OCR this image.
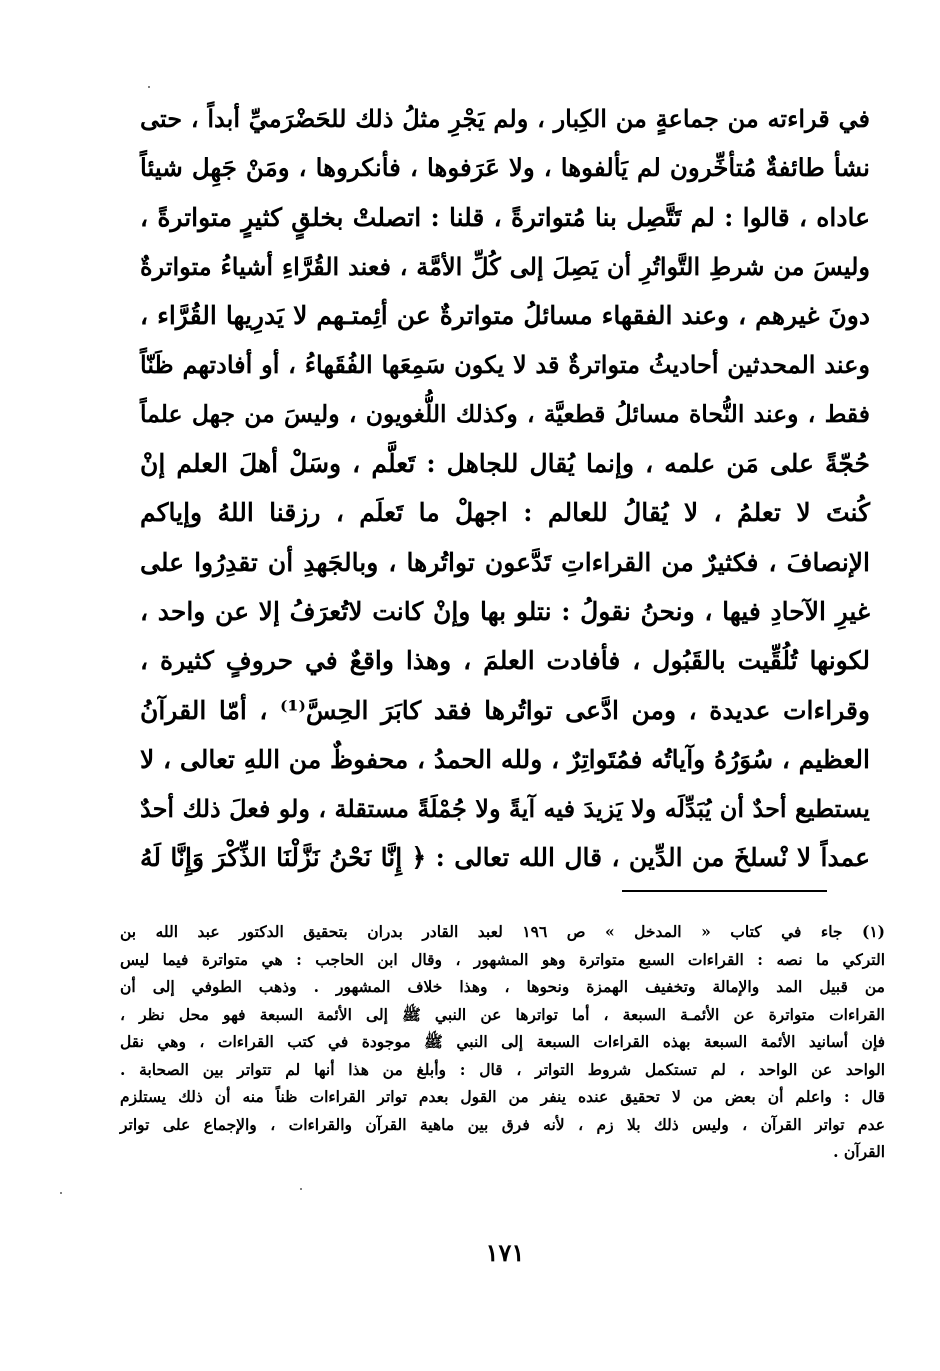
في قراءته من جماعةٍ من الكِبار ، ولم يَجْرِ مثلُ ذلك للحَضْرَميِّ أبداً ، حتى
نشأ طائفةٌ مُتأخِّرون لم يَألفوها ، ولا عَرَفوها ، فأنكروها ، ومَنْ جَهِل شيئاً
عاداه ، قالوا : لم تَتَّصِل بنا مُتواترةً ، قلنا : اتصلتْ بخلقٍ كثيرٍ متواترةً ،
وليسَ من شرطِ التَّواتُرِ أن يَصِلَ إلى كُلِّ الأمَّة ، فعند القُرَّاءِ أشياءُ متواترةٌ
دونَ غيرهم ، وعند الفقهاء مسائلُ متواترةٌ عن أئِمتـهم لا يَدرِيها القُرَّاء ،
وعند المحدثين أحاديثُ متواترةٌ قد لا يكون سَمِعَها الفُقَهاءُ ، أو أفادتهم ظَنّاً
فقط ، وعند النُّحاة مسائلُ قطعيَّة ، وكذلك اللُّغويون ، وليسَ من جهل علماً
حُجّةً على مَن علمه ، وإنما يُقال للجاهل : تَعلَّم ، وسَلْ أهلَ العلم إنْ
كُنتَ لا تعلمُ ، لا يُقالُ للعالم : اجهلْ ما تَعلَم ، رزقنا اللهُ وإياكم
الإنصافَ ، فكثيرٌ من القراءاتِ تَدَّعون تواتُرها ، وبالجَهدِ أن تقدِرُوا على
غيرِ الآحادِ فيها ، ونحنُ نقولُ : نتلو بها وإنْ كانت لاتُعرَفُ إلا عن واحد ،
لكونها تُلُقِّيت بالقَبُول ، فأفادت العلمَ ، وهذا واقعٌ في حروفٍ كثيرة ،
وقراءات عديدة ، ومن ادَّعى تواتُرها فقد كابَرَ الحِسَّ⁽¹⁾ ، أمّا القرآنُ
العظيم ، سُوَرُهُ وآياتُه فمُتَواتِرٌ ، ولله الحمدُ ، محفوظٌ من اللهِ تعالى ، لا
يستطيع أحدٌ أن يُبَدِّلَه ولا يَزيدَ فيه آيةً ولا جُمْلَةً مستقلة ، ولو فعلَ ذلك أحدٌ
عمداً لا نْسلخَ من الدِّين ، قال الله تعالى : ﴿ إِنَّا نَحْنُ نَزَّلْنَا الذِّكْرَ وَإِنَّا لَهُ
(١) جاء في كتاب « المدخل » ص ١٩٦ لعبد القادر بدران بتحقيق الدكتور عبد الله بن
التركي ما نصه : القراءات السبع متواترة وهو المشهور ، وقال ابن الحاجب : هي متواترة فيما ليس
من قبيل المد والإمالة وتخفيف الهمزة ونحوها ، وهذا خلاف المشهور . وذهب الطوفي إلى أن
القراءات متواترة عن الأئمـة السبعة ، أما تواترها عن النبي ﷺ إلى الأئمة السبعة فهو محل نظر ،
فإن أسانيد الأئمة السبعة بهذه القراءات السبعة إلى النبي ﷺ موجودة في كتب القراءات ، وهي نقل
الواحد عن الواحد ، لم تستكمل شروط التواتر ، قال : وأبلغ من هذا أنها لم تتواتر بين الصحابة .
قال : واعلم أن بعض من لا تحقيق عنده ينفر من القول بعدم تواتر القراءات ظناً منه أن ذلك يستلزم
عدم تواتر القرآن ، وليس ذلك بلا زم ، لأنه فرق بين ماهية القرآن والقراءات ، والإجماع على تواتر
القرآن .
١٧١
